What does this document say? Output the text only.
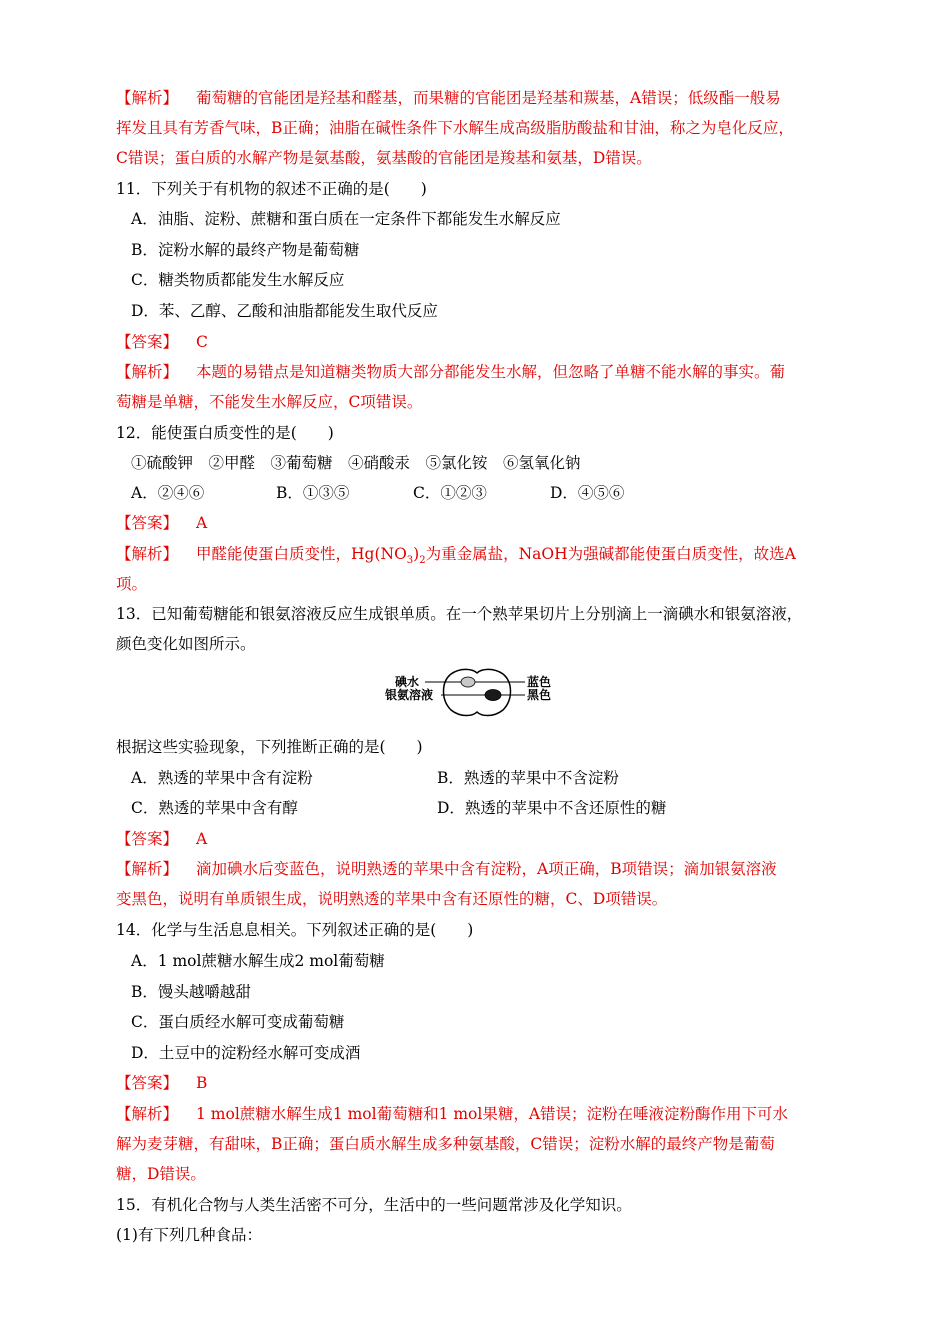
【解析】 葡萄糖的官能团是羟基和醛基，而果糖的官能团是羟基和羰基，A错误；低级酯一般易
挥发且具有芳香气味，B正确；油脂在碱性条件下水解生成高级脂肪酸盐和甘油，称之为皂化反应，
C错误；蛋白质的水解产物是氨基酸，氨基酸的官能团是羧基和氨基，D错误。
11．下列关于有机物的叙述不正确的是(　　)
A．油脂、淀粉、蔗糖和蛋白质在一定条件下都能发生水解反应
B．淀粉水解的最终产物是葡萄糖
C．糖类物质都能发生水解反应
D．苯、乙醇、乙酸和油脂都能发生取代反应
【答案】 C
【解析】 本题的易错点是知道糖类物质大部分都能发生水解，但忽略了单糖不能水解的事实。葡
萄糖是单糖，不能发生水解反应，C项错误。
12．能使蛋白质变性的是(　　)
①硫酸钾　②甲醛　③葡萄糖　④硝酸汞　⑤氯化铵　⑥氢氧化钠
A．②④⑥	B．①③⑤	C．①②③	D．④⑤⑥
【答案】 A
【解析】 甲醛能使蛋白质变性，$Hg(NO_3)_2$为重金属盐，NaOH为强碱都能使蛋白质变性，故选A
项。
13．已知葡萄糖能和银氨溶液反应生成银单质。在一个熟苹果切片上分别滴上一滴碘水和银氨溶液，
颜色变化如图所示。
碘水
银氨溶液
蓝色
黑色
根据这些实验现象，下列推断正确的是(　　)
A．熟透的苹果中含有淀粉	B．熟透的苹果中不含淀粉
C．熟透的苹果中含有醇	D．熟透的苹果中不含还原性的糖
【答案】 A
【解析】 滴加碘水后变蓝色，说明熟透的苹果中含有淀粉，A项正确，B项错误；滴加银氨溶液
变黑色，说明有单质银生成，说明熟透的苹果中含有还原性的糖，C、D项错误。
14．化学与生活息息相关。下列叙述正确的是(　　)
A．1 mol蔗糖水解生成2 mol葡萄糖
B．馒头越嚼越甜
C．蛋白质经水解可变成葡萄糖
D．土豆中的淀粉经水解可变成酒
【答案】 B
【解析】 1 mol蔗糖水解生成1 mol葡萄糖和1 mol果糖，A错误；淀粉在唾液淀粉酶作用下可水
解为麦芽糖，有甜味，B正确；蛋白质水解生成多种氨基酸，C错误；淀粉水解的最终产物是葡萄
糖，D错误。
15．有机化合物与人类生活密不可分，生活中的一些问题常涉及化学知识。
(1)有下列几种食品：
